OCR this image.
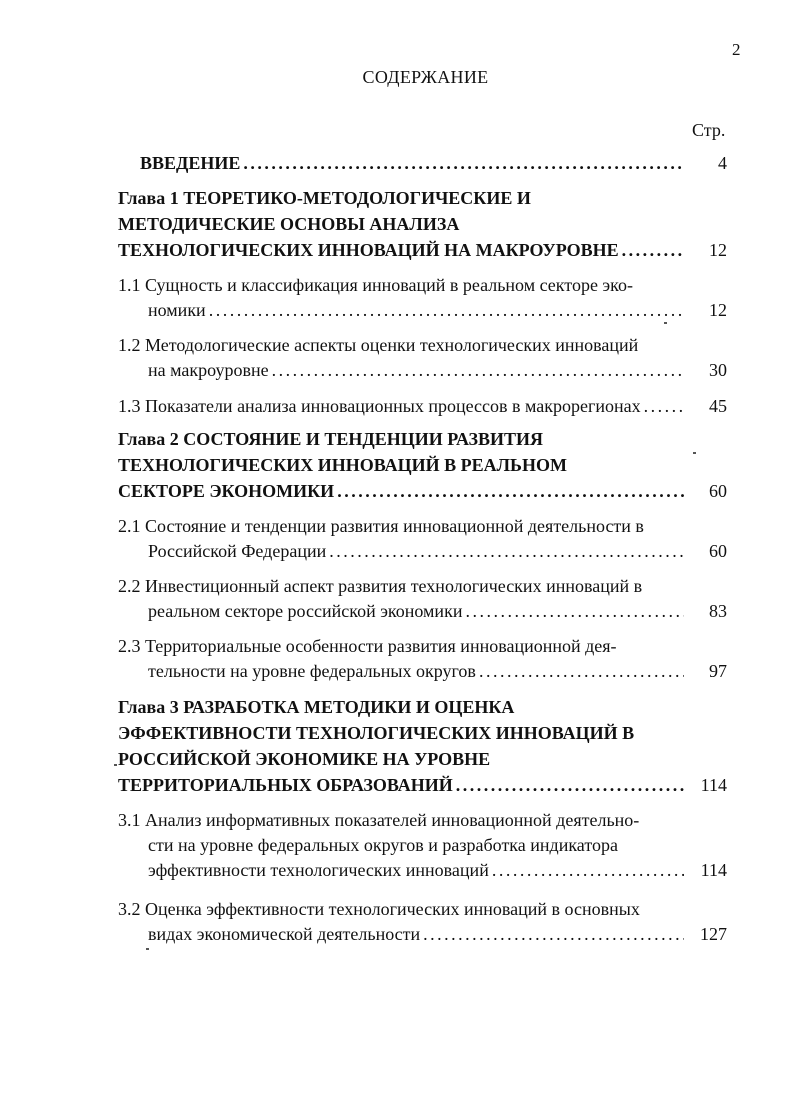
2
СОДЕРЖАНИЕ
Стр.
ВВЕДЕНИЕ . . .	4
Глава 1 ТЕОРЕТИКО-МЕТОДОЛОГИЧЕСКИЕ И
МЕТОДИЧЕСКИЕ ОСНОВЫ АНАЛИЗА
ТЕХНОЛОГИЧЕСКИХ ИННОВАЦИЙ НА МАКРОУРОВНЕ . . .	12
1.1 Сущность и классификация инноваций в реальном секторе эко-
номики . . .	12
1.2 Методологические аспекты оценки технологических инноваций
на макроуровне . . .	30
1.3 Показатели анализа инновационных процессов в макрорегионах . . .	45
Глава 2 СОСТОЯНИЕ И ТЕНДЕНЦИИ РАЗВИТИЯ
ТЕХНОЛОГИЧЕСКИХ ИННОВАЦИЙ В РЕАЛЬНОМ
СЕКТОРЕ ЭКОНОМИКИ . . .	60
2.1 Состояние и тенденции развития инновационной деятельности в
Российской Федерации . . .	60
2.2 Инвестиционный аспект развития технологических инноваций в
реальном секторе российской экономики . . .	83
2.3 Территориальные особенности развития инновационной дея-
тельности на уровне федеральных округов . . .	97
Глава 3 РАЗРАБОТКА МЕТОДИКИ И ОЦЕНКА
ЭФФЕКТИВНОСТИ ТЕХНОЛОГИЧЕСКИХ ИННОВАЦИЙ В
РОССИЙСКОЙ ЭКОНОМИКЕ НА УРОВНЕ
ТЕРРИТОРИАЛЬНЫХ ОБРАЗОВАНИЙ . . .	114
3.1 Анализ информативных показателей инновационной деятельно-
сти на уровне федеральных округов и разработка индикатора
эффективности технологических инноваций . . .	114
3.2 Оценка эффективности технологических инноваций в основных
видах экономической деятельности . . .	127
